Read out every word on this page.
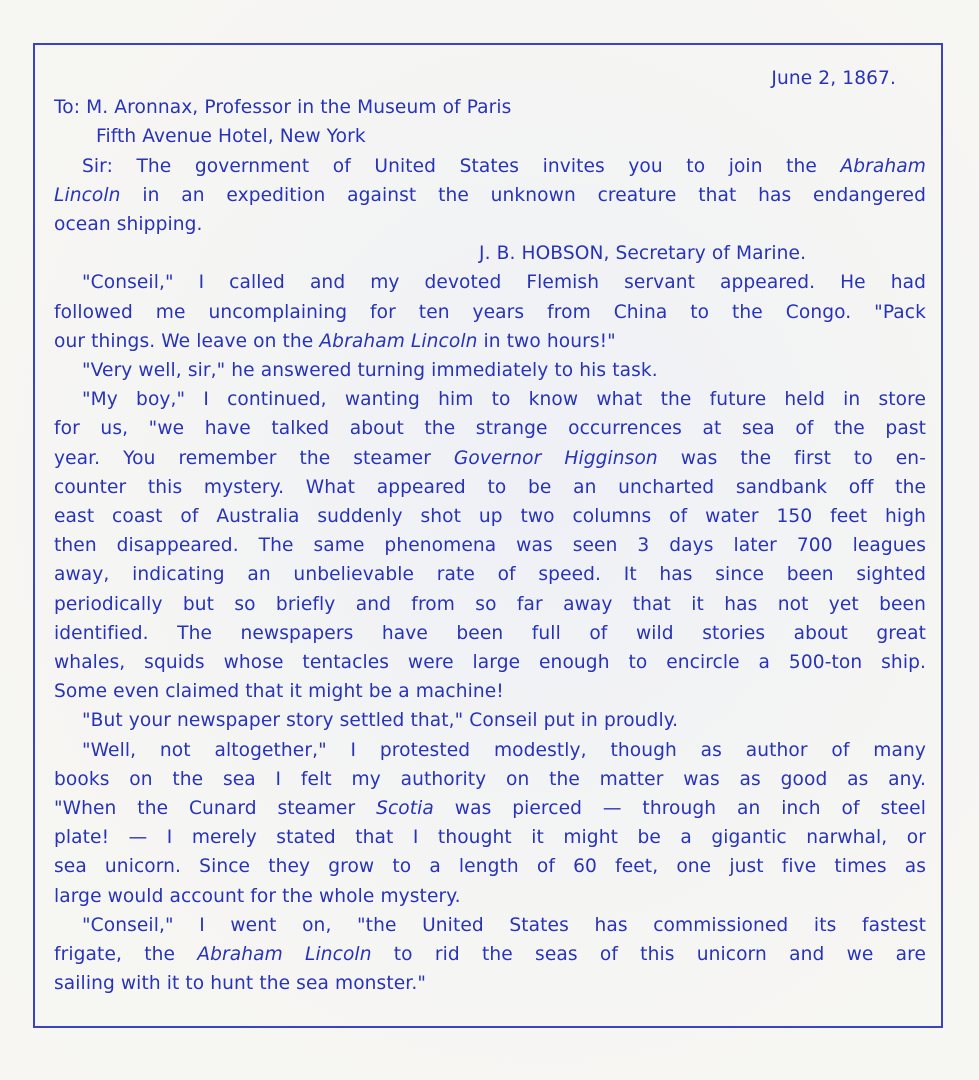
June 2, 1867.
To: M. Aronnax, Professor in the Museum of Paris
Fifth Avenue Hotel, New York
Sir: The government of United States invites you to join the Abraham
Lincoln in an expedition against the unknown creature that has endangered
ocean shipping.
J. B. HOBSON, Secretary of Marine.
"Conseil," I called and my devoted Flemish servant appeared. He had
followed me uncomplaining for ten years from China to the Congo. "Pack
our things. We leave on the Abraham Lincoln in two hours!"
"Very well, sir," he answered turning immediately to his task.
"My boy," I continued, wanting him to know what the future held in store
for us, "we have talked about the strange occurrences at sea of the past
year. You remember the steamer Governor Higginson was the first to en-
counter this mystery. What appeared to be an uncharted sandbank off the
east coast of Australia suddenly shot up two columns of water 150 feet high
then disappeared. The same phenomena was seen 3 days later 700 leagues
away, indicating an unbelievable rate of speed. It has since been sighted
periodically but so briefly and from so far away that it has not yet been
identified. The newspapers have been full of wild stories about great
whales, squids whose tentacles were large enough to encircle a 500-ton ship.
Some even claimed that it might be a machine!
"But your newspaper story settled that," Conseil put in proudly.
"Well, not altogether," I protested modestly, though as author of many
books on the sea I felt my authority on the matter was as good as any.
"When the Cunard steamer Scotia was pierced — through an inch of steel
plate! — I merely stated that I thought it might be a gigantic narwhal, or
sea unicorn. Since they grow to a length of 60 feet, one just five times as
large would account for the whole mystery.
"Conseil," I went on, "the United States has commissioned its fastest
frigate, the Abraham Lincoln to rid the seas of this unicorn and we are
sailing with it to hunt the sea monster."
